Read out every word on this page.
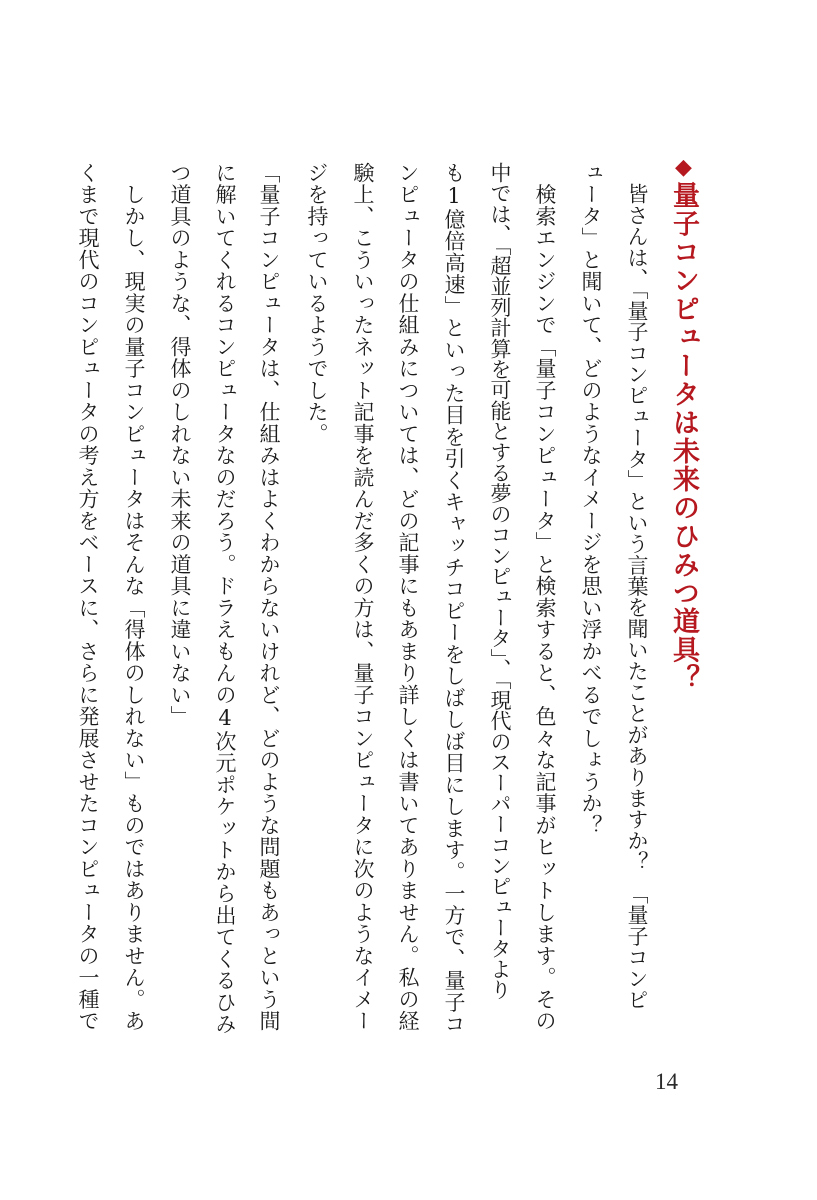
◆量子コンピュータは未来のひみつ道具？
　皆さんは、「量子コンピュータ」という言葉を聞いたことがありますか？　「量子コンピ
ュータ」と聞いて、どのようなイメージを思い浮かべるでしょうか？
　検索エンジンで「量子コンピュータ」と検索すると、色々な記事がヒットします。その
中では、「超並列計算を可能とする夢のコンピュータ」、「現代のスーパーコンピュータより
も1億倍高速」といった目を引くキャッチコピーをしばしば目にします。一方で、量子コ
ンピュータの仕組みについては、どの記事にもあまり詳しくは書いてありません。私の経
験上、こういったネット記事を読んだ多くの方は、量子コンピュータに次のようなイメー
ジを持っているようでした。
「量子コンピュータは、仕組みはよくわからないけれど、どのような問題もあっという間
に解いてくれるコンピュータなのだろう。ドラえもんの4次元ポケットから出てくるひみ
つ道具のような、得体のしれない未来の道具に違いない」
　しかし、現実の量子コンピュータはそんな「得体のしれない」ものではありません。あ
くまで現代のコンピュータの考え方をベースに、さらに発展させたコンピュータの一種で
14
